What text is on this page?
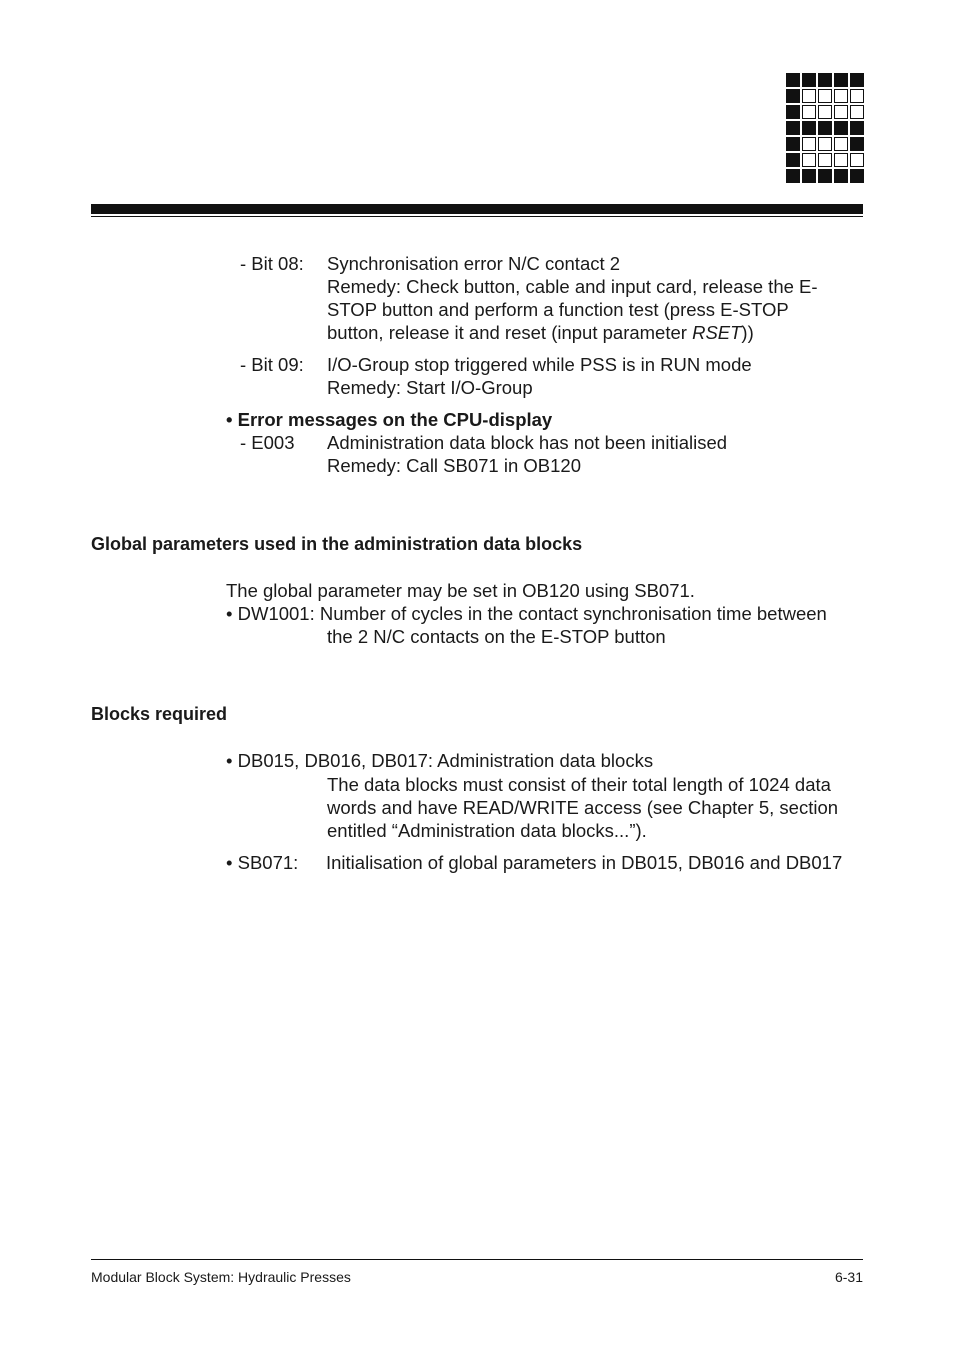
- Bit 08: Synchronisation error N/C contact 2
Remedy: Check button, cable and input card, release the E-
STOP button and perform a function test (press E-STOP
button, release it and reset (input parameter RSET))
- Bit 09: I/O-Group stop triggered while PSS is in RUN mode
Remedy: Start I/O-Group
• Error messages on the CPU-display
- E003 Administration data block has not been initialised
Remedy: Call SB071 in OB120
Global parameters used in the administration data blocks
The global parameter may be set in OB120 using SB071.
• DW1001: Number of cycles in the contact synchronisation time between
the 2 N/C contacts on the E-STOP button
Blocks required
• DB015, DB016, DB017: Administration data blocks
The data blocks must consist of their total length of 1024 data
words and have READ/WRITE access (see Chapter 5, section
entitled “Administration data blocks...”).
• SB071: Initialisation of global parameters in DB015, DB016 and DB017
Modular Block System: Hydraulic Presses	6-31
